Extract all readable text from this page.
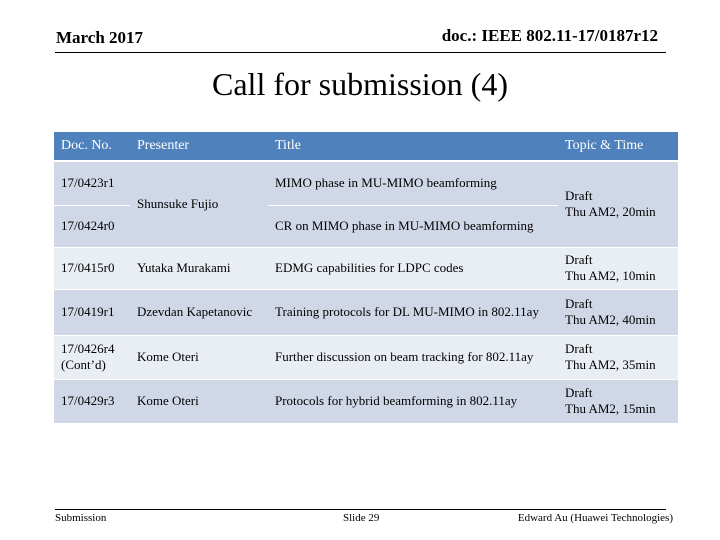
March 2017	doc.: IEEE 802.11-17/0187r12
Call for submission (4)
Doc. No.	Presenter	Title	Topic & Time
17/0423r1	Shunsuke Fujio	MIMO phase in MU-MIMO beamforming	Draft
Thu AM2, 20min

17/0424r0		CR on MIMO phase in MU-MIMO beamforming	
17/0415r0	Yutaka Murakami	EDMG capabilities for LDPC codes	Draft
Thu AM2, 10min

17/0419r1	Dzevdan Kapetanovic	Training protocols for DL MU-MIMO in 802.11ay	Draft
Thu AM2, 40min

17/0426r4 (Cont’d)	Kome Oteri	Further discussion on beam tracking for 802.11ay	Draft
Thu AM2, 35min

17/0429r3	Kome Oteri	Protocols for hybrid beamforming in 802.11ay	Draft
Thu AM2, 15min
Submission	Slide 29	Edward Au (Huawei Technologies)
